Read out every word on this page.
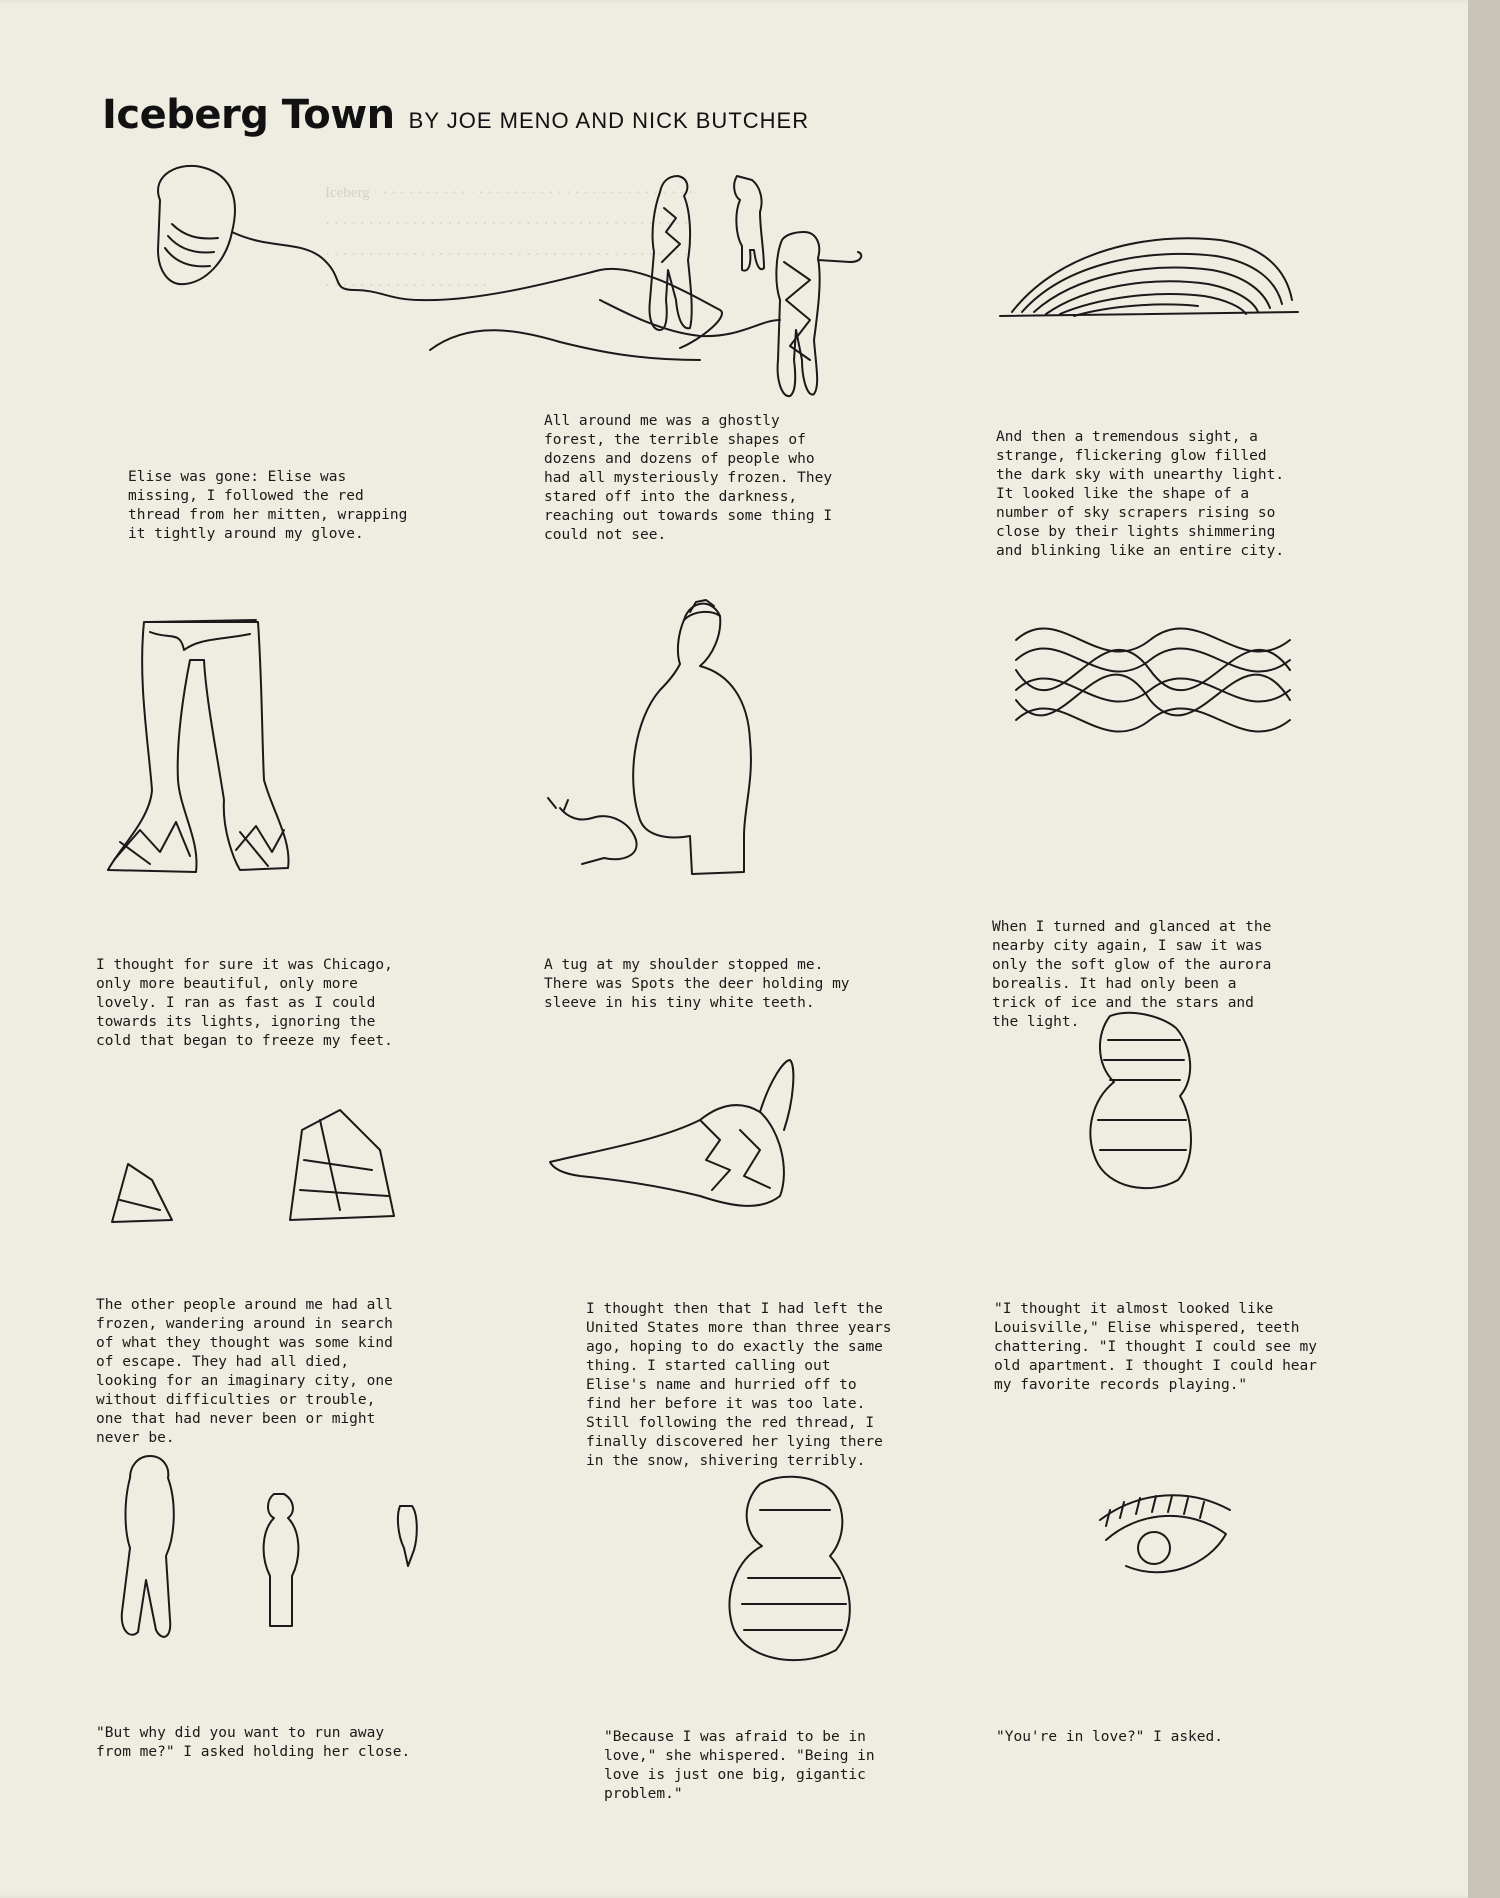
Iceberg · · · · · · · · · · · · · · · · · · · · · · · · · · · · · · · · · · · · · · · · · · · · · · · · · · · · · · · · · · · · · · · · · · · · · · · · · · · · · · · · · · · · · · · · · · · · · · · · · · · · · · · · · · · · · · · · · · · · · · · · · · · · · · · · · · · · · · · · · · · ·

Iceberg Town BY JOE MENO AND NICK BUTCHER
Elise was gone: Elise was missing, I followed the red thread from her mitten, wrapping it tightly around my glove.
All around me was a ghostly forest, the terrible shapes of dozens and dozens of people who had all mysteriously frozen. They stared off into the darkness, reaching out towards some thing I could not see.
And then a tremendous sight, a strange, flickering glow filled the dark sky with unearthy light. It looked like the shape of a number of sky scrapers rising so close by their lights shimmering and blinking like an entire city.
I thought for sure it was Chicago, only more beautiful, only more lovely. I ran as fast as I could towards its lights, ignoring the cold that began to freeze my feet.
A tug at my shoulder stopped me. There was Spots the deer holding my sleeve in his tiny white teeth.
When I turned and glanced at the nearby city again, I saw it was only the soft glow of the aurora borealis. It had only been a trick of ice and the stars and the light.
The other people around me had all frozen, wandering around in search of what they thought was some kind of escape. They had all died, looking for an imaginary city, one without difficulties or trouble, one that had never been or might never be.
I thought then that I had left the United States more than three years ago, hoping to do exactly the same thing. I started calling out Elise's name and hurried off to find her before it was too late. Still following the red thread, I finally discovered her lying there in the snow, shivering terribly.
"I thought it almost looked like Louisville," Elise whispered, teeth chattering. "I thought I could see my old apartment. I thought I could hear my favorite records playing."
"But why did you want to run away from me?" I asked holding her close.
"Because I was afraid to be in love," she whispered. "Being in love is just one big, gigantic problem."
"You're in love?" I asked.
